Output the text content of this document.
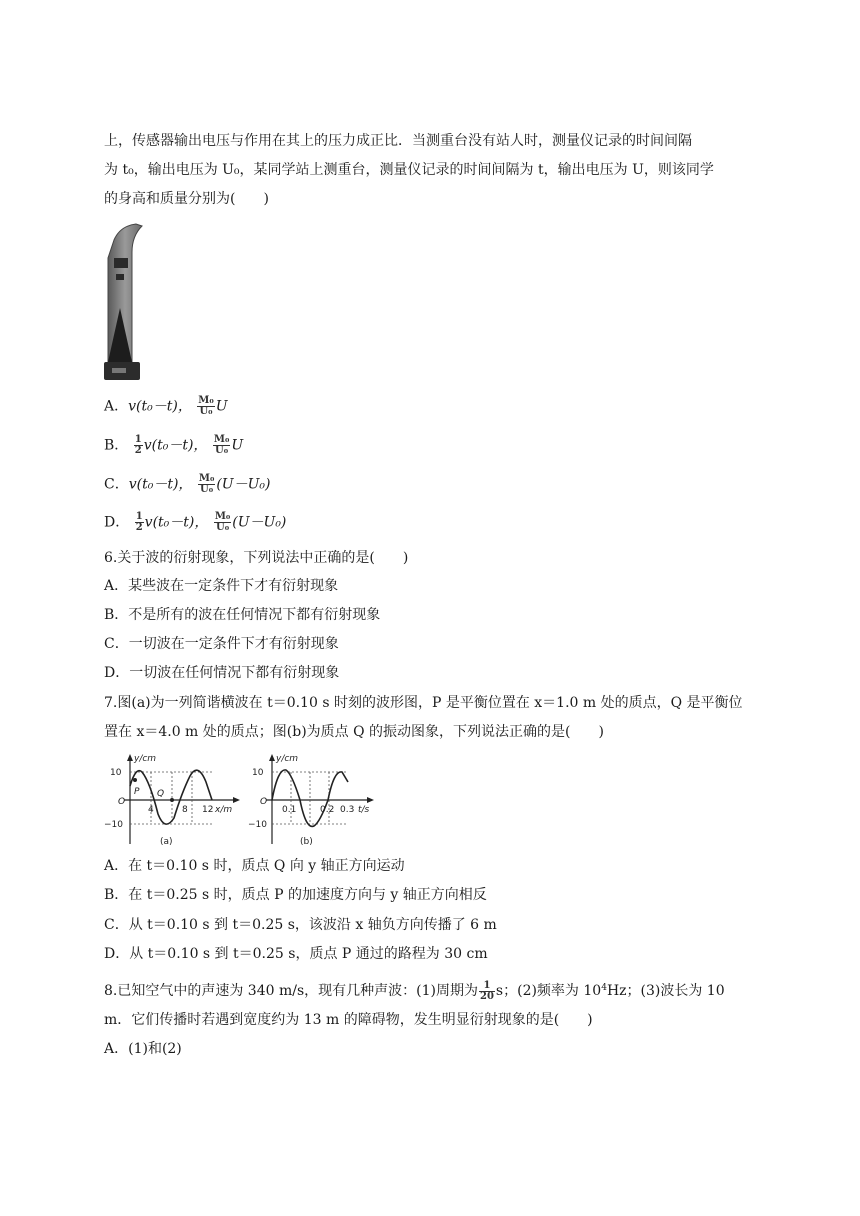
上，传感器输出电压与作用在其上的压力成正比．当测重台没有站人时，测量仪记录的时间间隔
为 t₀，输出电压为 U₀，某同学站上测重台，测量仪记录的时间间隔为 t，输出电压为 U，则该同学
的身高和质量分别为(　　)
A．v(t₀－t)， $\frac{\text{M₀}}{\text{U₀}}$ U
B． $\frac{1}{2} v(t_0-t)$， $\frac{\text{M₀}}{\text{U₀}}$ U
C．v(t₀－t)， $\frac{\text{M₀}}{\text{U₀}} (U-U_0)$
D． $\frac{1}{2} v(t_0-t)$， $\frac{\text{M₀}}{\text{U₀}} (U-U_0)$
6.关于波的衍射现象，下列说法中正确的是(　　)
A．某些波在一定条件下才有衍射现象
B．不是所有的波在任何情况下都有衍射现象
C．一切波在一定条件下才有衍射现象
D．一切波在任何情况下都有衍射现象
7.图(a)为一列简谐横波在 t＝0.10 s 时刻的波形图，P 是平衡位置在 x＝1.0 m 处的质点，Q 是平衡位
置在 x＝4.0 m 处的质点；图(b)为质点 Q 的振动图象，下列说法正确的是(　　)
10
−10
O
y/cm
x/m
4	8 12
P Q
(a)
10
−10
O
y/cm
t/s
0.1	0.2 0.3
(b)
A．在 t＝0.10 s 时，质点 Q 向 y 轴正方向运动
B．在 t＝0.25 s 时，质点 P 的加速度方向与 y 轴正方向相反
C．从 t＝0.10 s 到 t＝0.25 s，该波沿 x 轴负方向传播了 6 m
D．从 t＝0.10 s 到 t＝0.25 s，质点 P 通过的路程为 30 cm
8.已知空气中的声速为 340 m/s，现有几种声波：(1)周期为 $\frac{1}{20}$ s；(2)频率为 $10^4Hz$；(3)波长为 10
m．它们传播时若遇到宽度约为 13 m 的障碍物，发生明显衍射现象的是(　　)
A．(1)和(2)
